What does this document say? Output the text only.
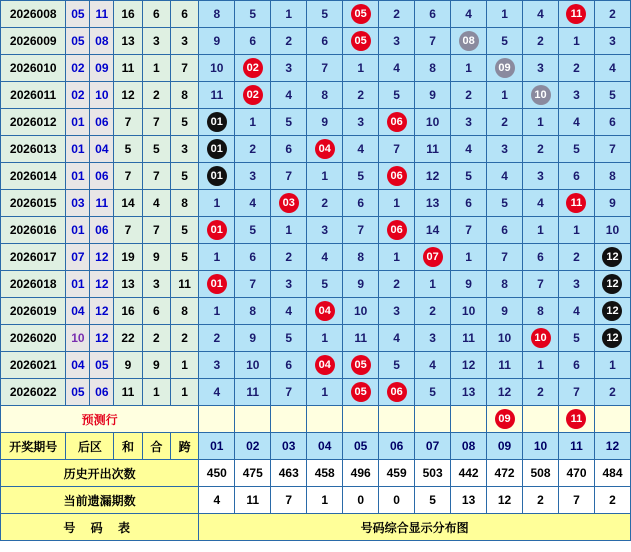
2026008	05	11	16	6	6	8	5	1	5	05	2	6	4	1	4	11	2
2026009	05	08	13	3	3	9	6	2	6	05	3	7	08	5	2	1	3
2026010	02	09	11	1	7	10	02	3	7	1	4	8	1	09	3	2	4
2026011	02	10	12	2	8	11	02	4	8	2	5	9	2	1	10	3	5
2026012	01	06	7	7	5	01	1	5	9	3	06	10	3	2	1	4	6
2026013	01	04	5	5	3	01	2	6	04	4	7	11	4	3	2	5	7
2026014	01	06	7	7	5	01	3	7	1	5	06	12	5	4	3	6	8
2026015	03	11	14	4	8	1	4	03	2	6	1	13	6	5	4	11	9
2026016	01	06	7	7	5	01	5	1	3	7	06	14	7	6	1	1	10
2026017	07	12	19	9	5	1	6	2	4	8	1	07	1	7	6	2	12
2026018	01	12	13	3	11	01	7	3	5	9	2	1	9	8	7	3	12
2026019	04	12	16	6	8	1	8	4	04	10	3	2	10	9	8	4	12
2026020	10	12	22	2	2	2	9	5	1	11	4	3	11	10	10	5	12
2026021	04	05	9	9	1	3	10	6	04	05	5	4	12	11	1	6	1
2026022	05	06	11	1	1	4	11	7	1	05	06	5	13	12	2	7	2
预测行														09		11	
开奖期号	后区		和	合	跨	01	02	03	04	05	06	07	08	09	10	11	12
历史开出次数						450	475	463	458	496	459	503	442	472	508	470	484
当前遗漏期数						4	11	7	1	0	0	5	13	12	2	7	2
号 码 表						号码综合显示分布图											
